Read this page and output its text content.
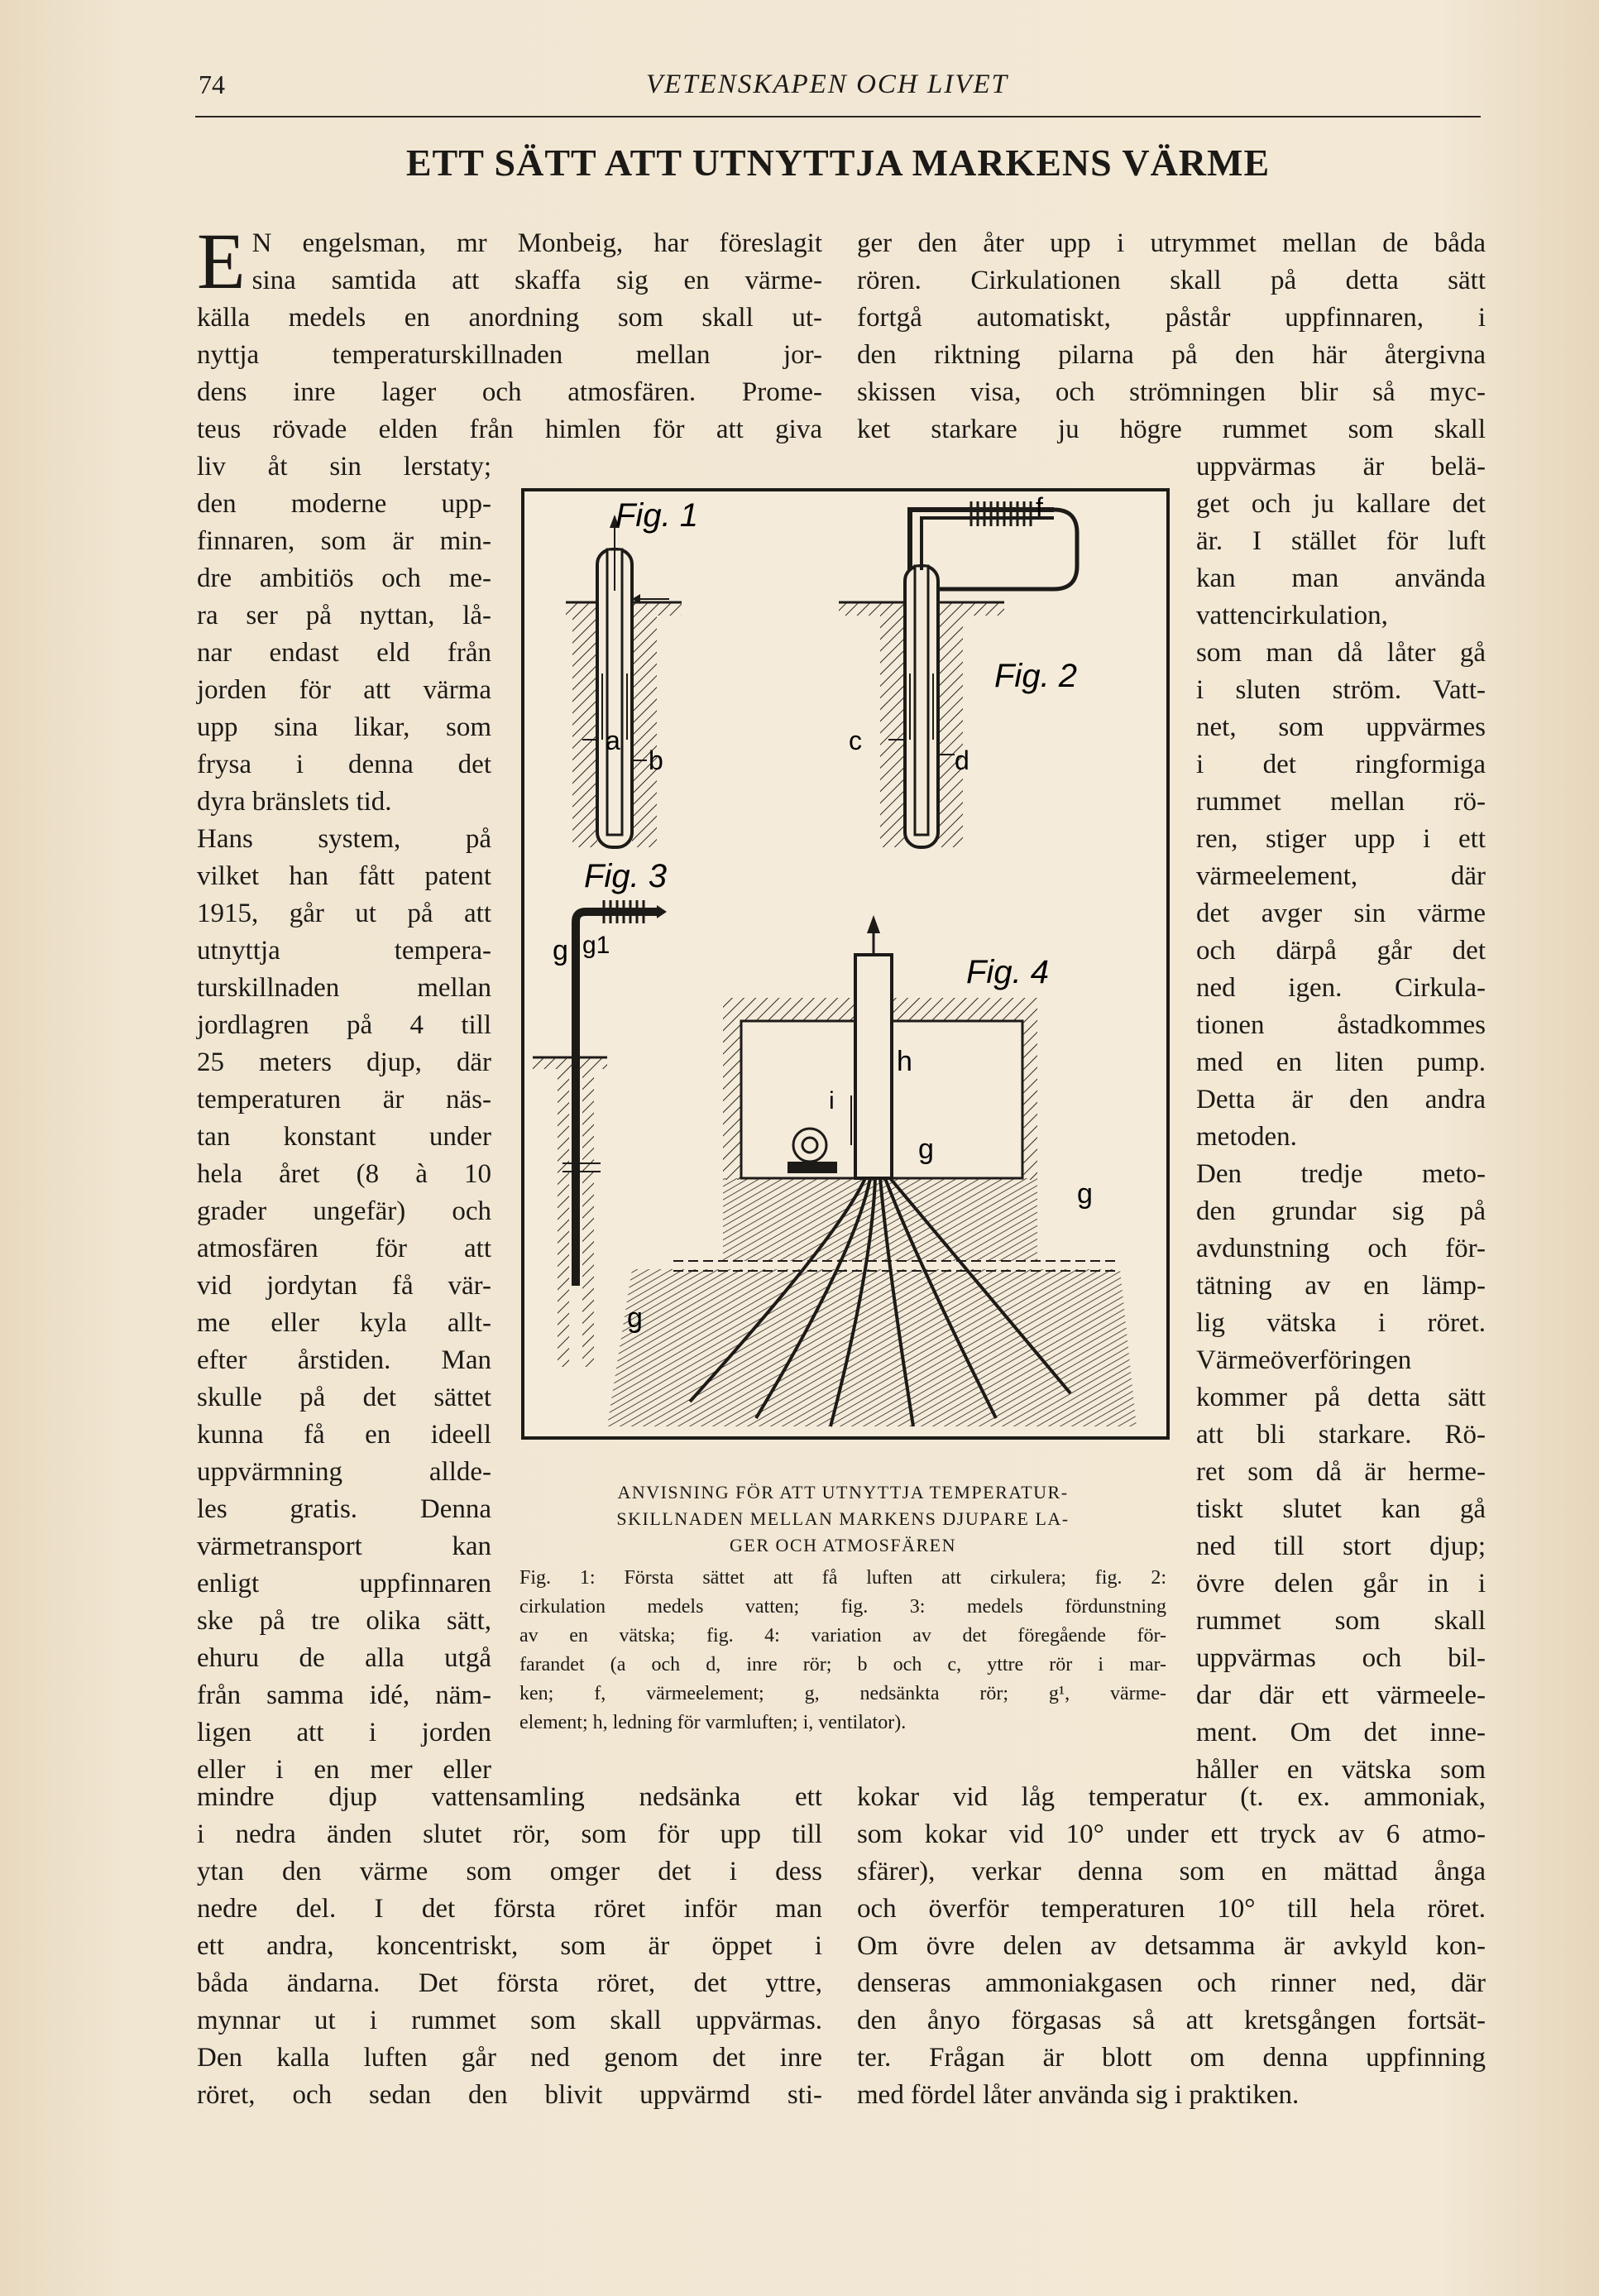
74	VETENSKAPEN OCH LIVET
ETT SÄTT ATT UTNYTTJA MARKENS VÄRME
E N engelsman, mr Monbeig, har föreslagit
sina samtida att skaffa sig en värme-
källa medels en anordning som skall ut-
nyttja temperaturskillnaden mellan jor-
dens inre lager och atmosfären. Prome-
teus rövade elden från himlen för att giva
liv åt sin lerstaty;
den moderne upp-
finnaren, som är min-
dre ambitiös och me-
ra ser på nyttan, lå-
nar endast eld från
jorden för att värma
upp sina likar, som
frysa i denna det
dyra bränslets tid.
Hans system, på
vilket han fått patent
1915, går ut på att
utnyttja tempera-
turskillnaden mellan
jordlagren på 4 till
25 meters djup, där
temperaturen är näs-
tan konstant under
hela året (8 à 10
grader ungefär) och
atmosfären för att
vid jordytan få vär-
me eller kyla allt-
efter årstiden. Man
skulle på det sättet
kunna få en ideell
uppvärmning allde-
les gratis. Denna
värmetransport kan
enligt uppfinnaren
ske på tre olika sätt,
ehuru de alla utgå
från samma idé, näm-
ligen att i jorden
eller i en mer eller
mindre djup vattensamling nedsänka ett
i nedra änden slutet rör, som för upp till
ytan den värme som omger det i dess
nedre del. I det första röret inför man
ett andra, koncentriskt, som är öppet i
båda ändarna. Det första röret, det yttre,
mynnar ut i rummet som skall uppvärmas.
Den kalla luften går ned genom det inre
röret, och sedan den blivit uppvärmd sti-
ger den åter upp i utrymmet mellan de båda
rören. Cirkulationen skall på detta sätt
fortgå automatiskt, påstår uppfinnaren, i
den riktning pilarna på den här återgivna
skissen visa, och strömningen blir så myc-
ket starkare ju högre rummet som skall
uppvärmas är belä-
get och ju kallare det
är. I stället för luft
kan man använda
vattencirkulation,
som man då låter gå
i sluten ström. Vatt-
net, som uppvärmes
i det ringformiga
rummet mellan rö-
ren, stiger upp i ett
värmeelement, där
det avger sin värme
och därpå går det
ned igen. Cirkula-
tionen åstadkommes
med en liten pump.
Detta är den andra
metoden.
Den tredje meto-
den grundar sig på
avdunstning och för-
tätning av en lämp-
lig vätska i röret.
Värmeöverföringen
kommer på detta sätt
att bli starkare. Rö-
ret som då är herme-
tiskt slutet kan gå
ned till stort djup;
övre delen går in i
rummet som skall
uppvärmas och bil-
dar där ett värmeele-
ment. Om det inne-
håller en vätska som
kokar vid låg temperatur (t. ex. ammoniak,
som kokar vid 10° under ett tryck av 6 atmo-
sfärer), verkar denna som en mättad ånga
och överför temperaturen 10° till hela röret.
Om övre delen av detsamma är avkyld kon-
denseras ammoniakgasen och rinner ned, där
den ånyo förgasas så att kretsgången fortsät-
ter. Frågan är blott om denna uppfinning
med fördel låter använda sig i praktiken.
Fig. 1
a
b
Fig. 2
c
d
f
Fig. 3
g1
g
Fig. 4
h
i
g
g
g
ANVISNING FÖR ATT UTNYTTJA TEMPERATUR-
SKILLNADEN MELLAN MARKENS DJUPARE LA-
GER OCH ATMOSFÄREN
Fig. 1: Första sättet att få luften att cirkulera; fig. 2:
cirkulation medels vatten; fig. 3: medels fördunstning
av en vätska; fig. 4: variation av det föregående för-
farandet (a och d, inre rör; b och c, yttre rör i mar-
ken; f, värmeelement; g, nedsänkta rör; g¹, värme-
element; h, ledning för varmluften; i, ventilator).
